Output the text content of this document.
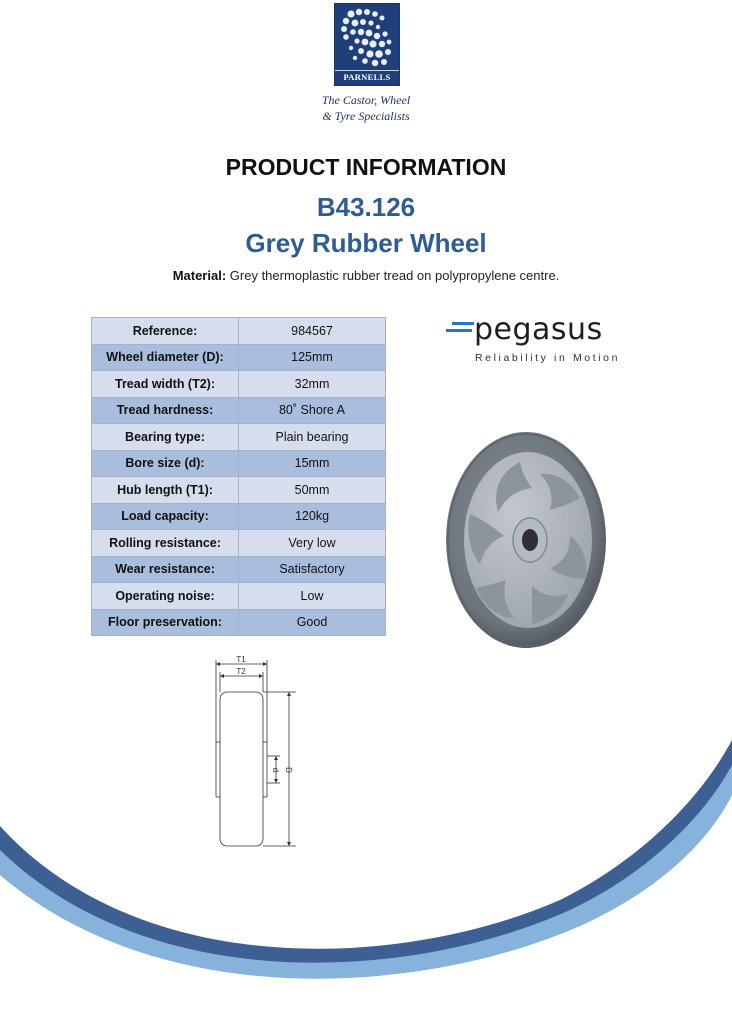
PARNELLS
The Castor, Wheel
& Tyre Specialists
PRODUCT INFORMATION
B43.126
Grey Rubber Wheel
Material: Grey thermoplastic rubber tread on polypropylene centre.
Reference:	984567
Wheel diameter (D):	125mm
Tread width (T2):	32mm
Tread hardness:	80˚ Shore A
Bearing type:	Plain bearing
Bore size (d):	15mm
Hub length (T1):	50mm
Load capacity:	120kg
Rolling resistance:	Very low
Wear resistance:	Satisfactory
Operating noise:	Low
Floor preservation:	Good
pegasus
Reliability in Motion
T1
T2
d D
